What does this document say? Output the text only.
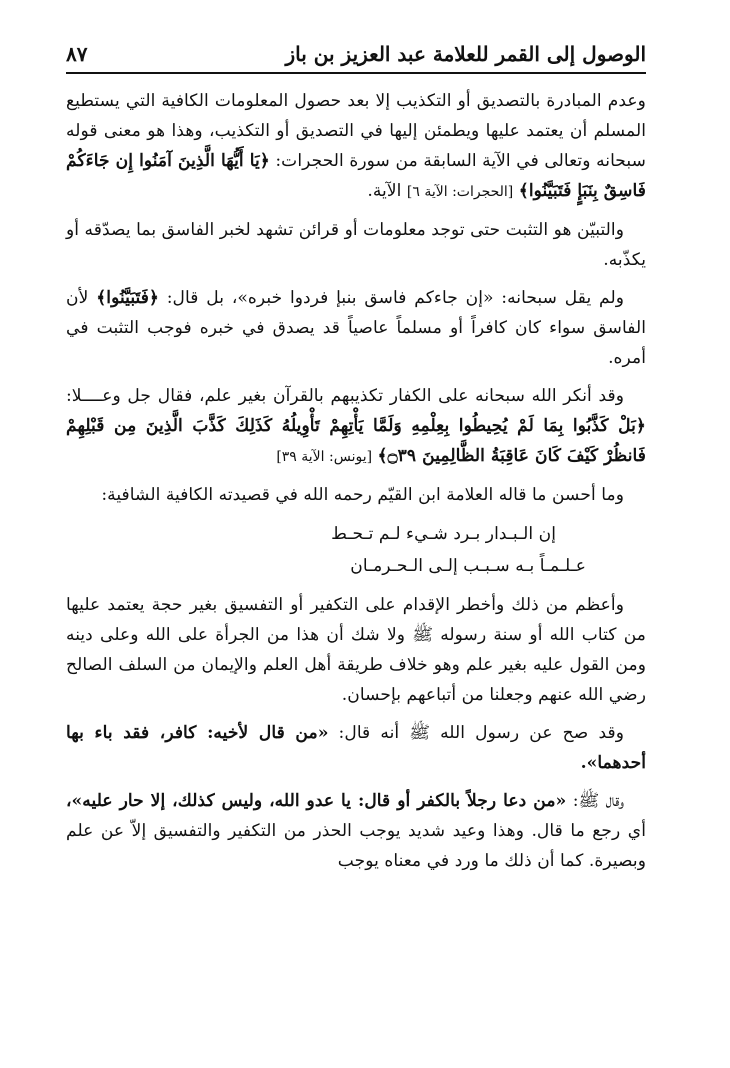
الوصول إلى القمر للعلامة عبد العزيز بن باز
٨٧

وعدم المبادرة بالتصديق أو التكذيب إلا بعد حصول المعلومات الكافية التي يستطيع المسلم أن يعتمد عليها ويطمئن إليها في التصديق أو التكذيب، وهذا هو معنى قوله سبحانه وتعالى في الآية السابقة من سورة الحجرات: ﴿يَا أَيُّهَا الَّذِينَ آمَنُوا إِن جَاءَكُمْ فَاسِقٌ بِنَبَإٍ فَتَبَيَّنُوا﴾ [الحجرات: الآية ٦] الآية.

والتبيّن هو التثبت حتى توجد معلومات أو قرائن تشهد لخبر الفاسق بما يصدّقه أو يكذّبه.

ولم يقل سبحانه: «إن جاءكم فاسق بنبإ فردوا خبره»، بل قال: ﴿فَتَبَيَّنُوا﴾ لأن الفاسق سواء كان كافراً أو مسلماً عاصياً قد يصدق في خبره فوجب التثبت في أمره.

وقد أنكر الله سبحانه على الكفار تكذيبهم بالقرآن بغير علم، فقال جل وعــــلا: ﴿بَلْ كَذَّبُوا بِمَا لَمْ يُحِيطُوا بِعِلْمِهِ وَلَمَّا يَأْتِهِمْ تَأْوِيلُهُ كَذَلِكَ كَذَّبَ الَّذِينَ مِن قَبْلِهِمْ فَانظُرْ كَيْفَ كَانَ عَاقِبَةُ الظَّالِمِينَ ۝٣٩﴾ [يونس: الآية ٣٩]

وما أحسن ما قاله العلامة ابن القيّم رحمه الله في قصيدته الكافية الشافية:

إن الـبـدار بـرد شـيء لـم تـحـط
عـلـمـاً بـه سـبـب إلـى الـحـرمـان

وأعظم من ذلك وأخطر الإقدام على التكفير أو التفسيق بغير حجة يعتمد عليها من كتاب الله أو سنة رسوله ﷺ ولا شك أن هذا من الجرأة على الله وعلى دينه ومن القول عليه بغير علم وهو خلاف طريقة أهل العلم والإيمان من السلف الصالح رضي الله عنهم وجعلنا من أتباعهم بإحسان.

وقد صح عن رسول الله ﷺ أنه قال: «من قال لأخيه: كافر، فقد باء بها أحدهما».

وقال ﷺ: «من دعا رجلاً بالكفر أو قال: يا عدو الله، وليس كذلك، إلا حار عليه»، أي رجع ما قال. وهذا وعيد شديد يوجب الحذر من التكفير والتفسيق إلاّ عن علم وبصيرة. كما أن ذلك ما ورد في معناه يوجب
